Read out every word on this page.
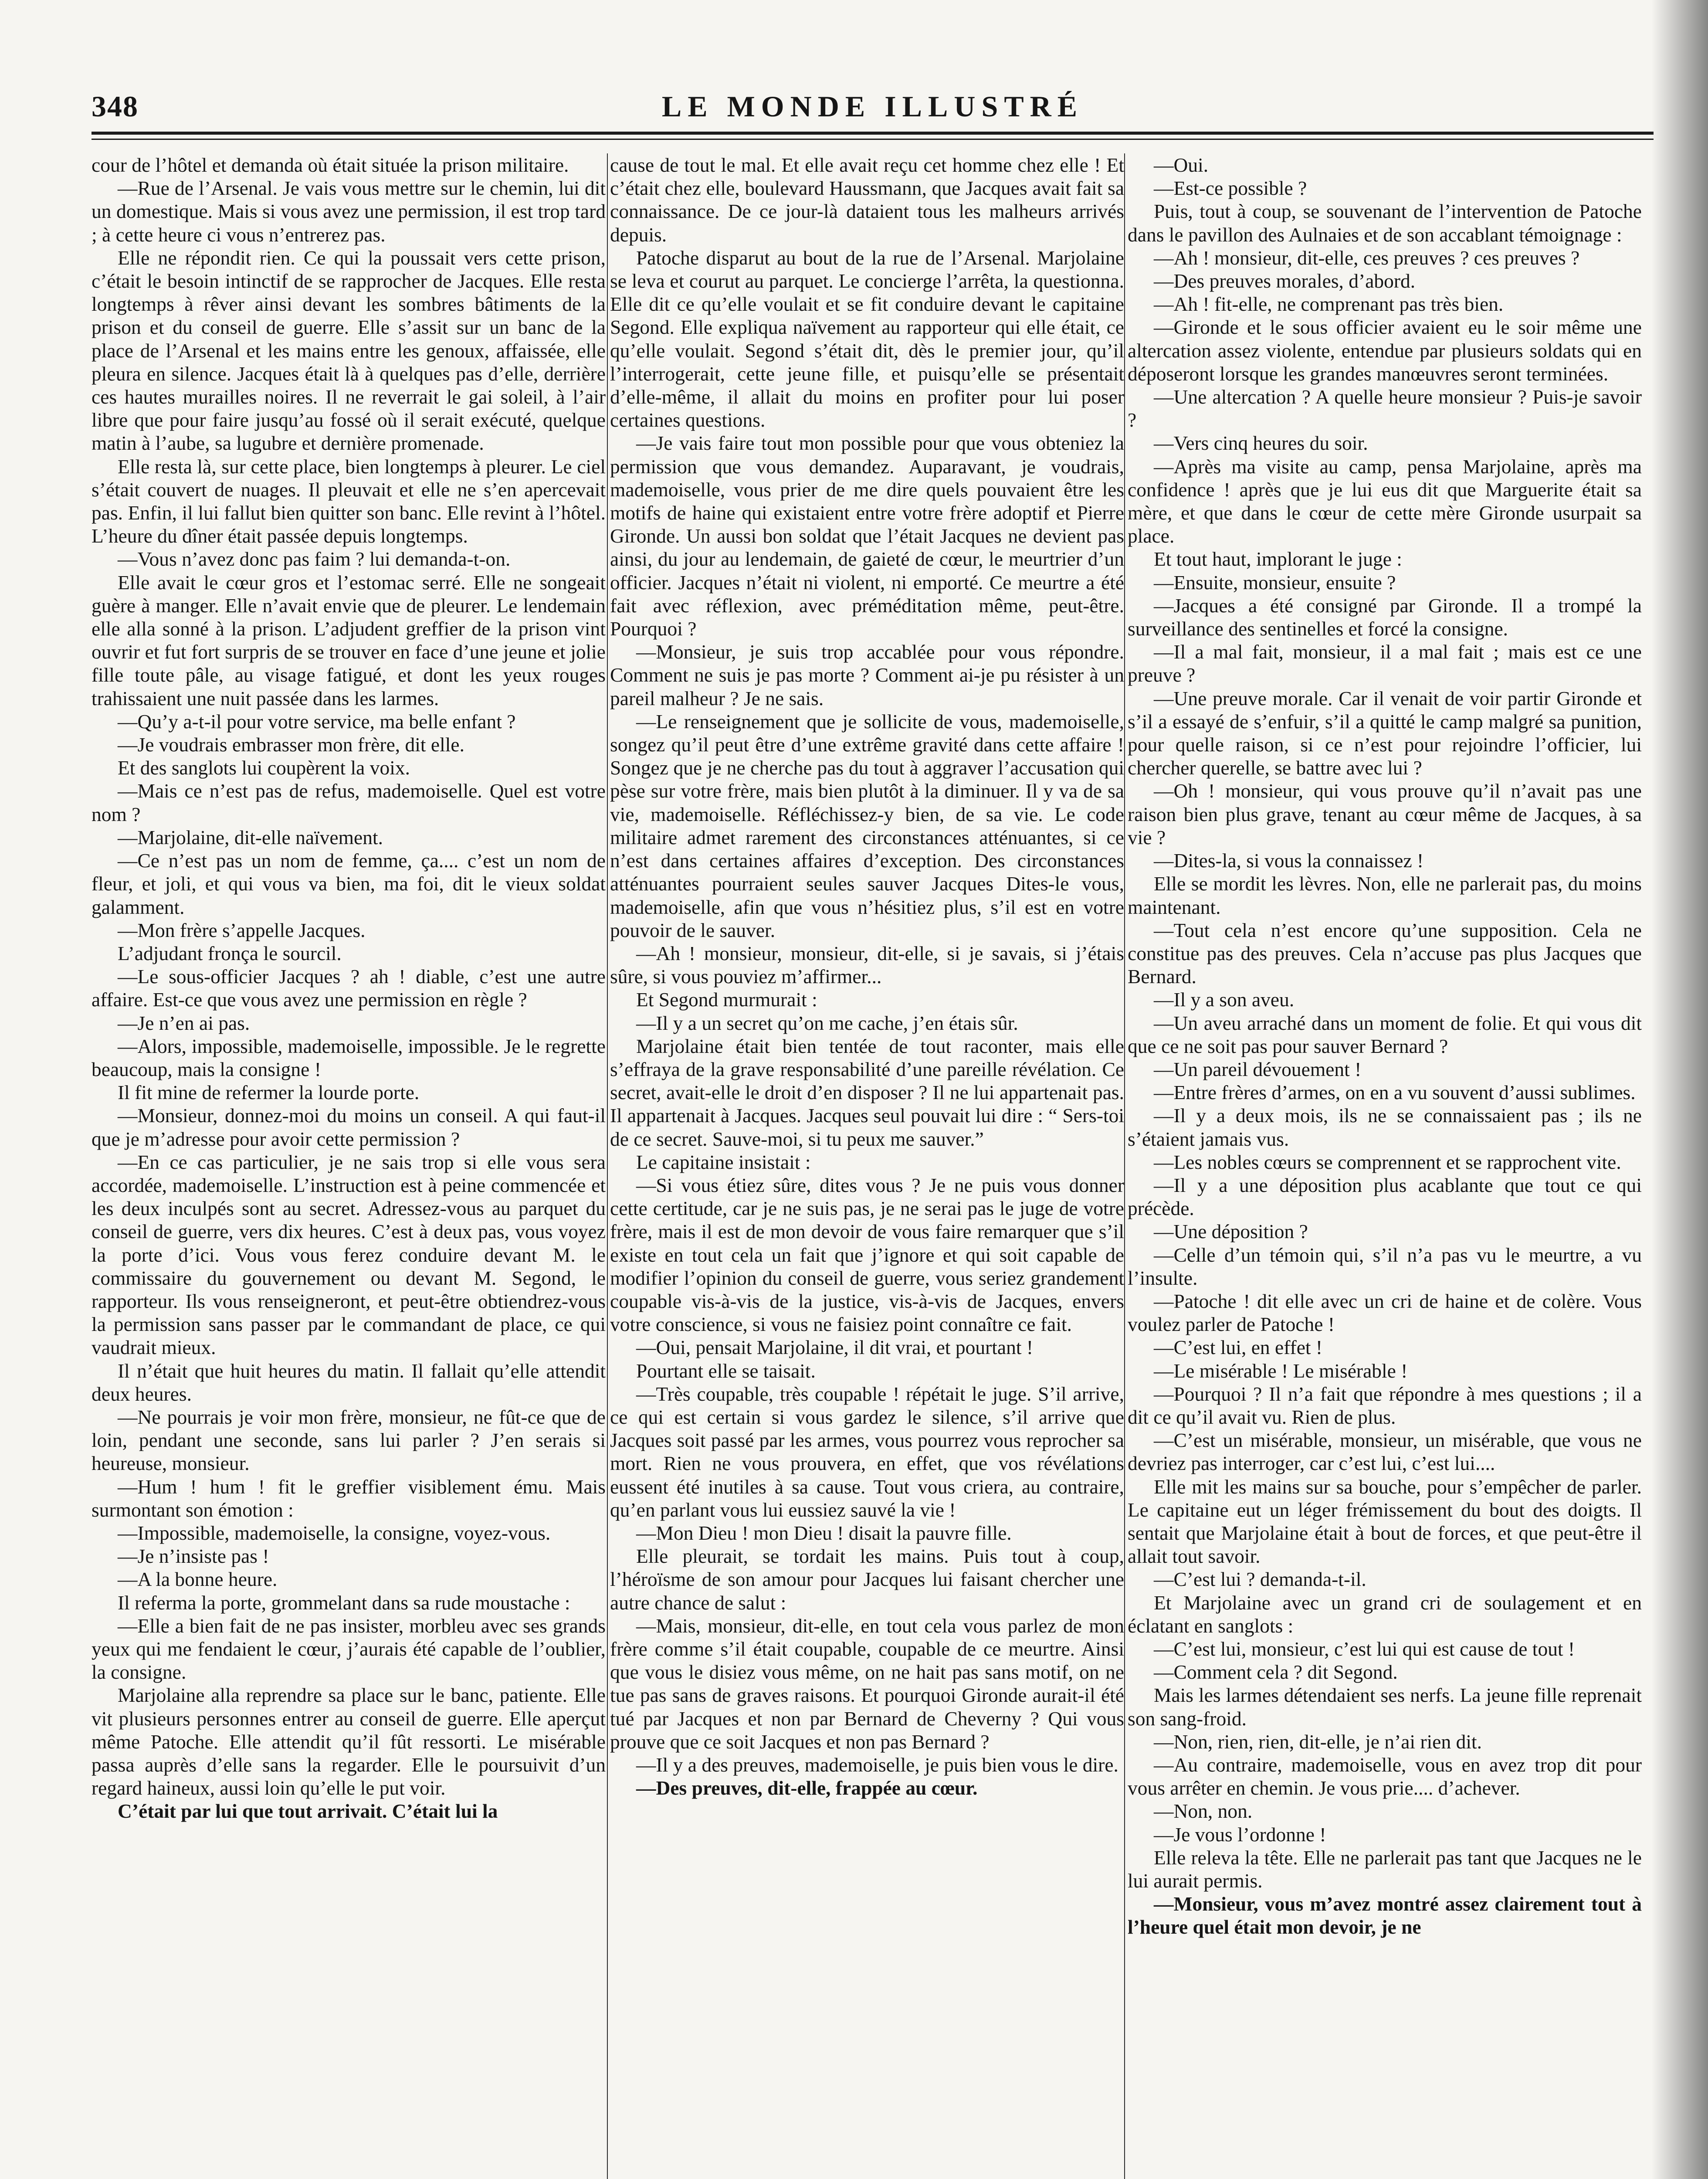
348	LE MONDE ILLUSTRÉ

cour de l’hôtel et demanda où était située la prison militaire.

—Rue de l’Arsenal. Je vais vous mettre sur le chemin, lui dit un domestique. Mais si vous avez une permission, il est trop tard ; à cette heure ci vous n’entrerez pas.

Elle ne répondit rien. Ce qui la poussait vers cette prison, c’était le besoin intinctif de se rapprocher de Jacques. Elle resta longtemps à rêver ainsi devant les sombres bâtiments de la prison et du conseil de guerre. Elle s’assit sur un banc de la place de l’Arsenal et les mains entre les genoux, affaissée, elle pleura en silence. Jacques était là à quelques pas d’elle, derrière ces hautes murailles noires. Il ne reverrait le gai soleil, à l’air libre que pour faire jusqu’au fossé où il serait exécuté, quelque matin à l’aube, sa lugubre et dernière promenade.

Elle resta là, sur cette place, bien longtemps à pleurer. Le ciel s’était couvert de nuages. Il pleuvait et elle ne s’en apercevait pas. Enfin, il lui fallut bien quitter son banc. Elle revint à l’hôtel. L’heure du dîner était passée depuis longtemps.

—Vous n’avez donc pas faim ? lui demanda-t-on.

Elle avait le cœur gros et l’estomac serré. Elle ne songeait guère à manger. Elle n’avait envie que de pleurer. Le lendemain elle alla sonné à la prison. L’adjudent greffier de la prison vint ouvrir et fut fort surpris de se trouver en face d’une jeune et jolie fille toute pâle, au visage fatigué, et dont les yeux rouges trahissaient une nuit passée dans les larmes.

—Qu’y a-t-il pour votre service, ma belle enfant ?

—Je voudrais embrasser mon frère, dit elle.

Et des sanglots lui coupèrent la voix.

—Mais ce n’est pas de refus, mademoiselle. Quel est votre nom ?

—Marjolaine, dit-elle naïvement.

—Ce n’est pas un nom de femme, ça.... c’est un nom de fleur, et joli, et qui vous va bien, ma foi, dit le vieux soldat galamment.

—Mon frère s’appelle Jacques.

L’adjudant fronça le sourcil.

—Le sous-officier Jacques ? ah ! diable, c’est une autre affaire. Est-ce que vous avez une permission en règle ?

—Je n’en ai pas.

—Alors, impossible, mademoiselle, impossible. Je le regrette beaucoup, mais la consigne !

Il fit mine de refermer la lourde porte.

—Monsieur, donnez-moi du moins un conseil. A qui faut-il que je m’adresse pour avoir cette permission ?

—En ce cas particulier, je ne sais trop si elle vous sera accordée, mademoiselle. L’instruction est à peine commencée et les deux inculpés sont au secret. Adressez-vous au parquet du conseil de guerre, vers dix heures. C’est à deux pas, vous voyez la porte d’ici. Vous vous ferez conduire devant M. le commissaire du gouvernement ou devant M. Segond, le rapporteur. Ils vous renseigneront, et peut-être obtiendrez-vous la permission sans passer par le commandant de place, ce qui vaudrait mieux.

Il n’était que huit heures du matin. Il fallait qu’elle attendit deux heures.

—Ne pourrais je voir mon frère, monsieur, ne fût-ce que de loin, pendant une seconde, sans lui parler ? J’en serais si heureuse, monsieur.

—Hum ! hum ! fit le greffier visiblement ému. Mais surmontant son émotion :

—Impossible, mademoiselle, la consigne, voyez-vous.

—Je n’insiste pas !

—A la bonne heure.

Il referma la porte, grommelant dans sa rude moustache :

—Elle a bien fait de ne pas insister, morbleu avec ses grands yeux qui me fendaient le cœur, j’aurais été capable de l’oublier, la consigne.

Marjolaine alla reprendre sa place sur le banc, patiente. Elle vit plusieurs personnes entrer au conseil de guerre. Elle aperçut même Patoche. Elle attendit qu’il fût ressorti. Le misérable passa auprès d’elle sans la regarder. Elle le poursuivit d’un regard haineux, aussi loin qu’elle le put voir.

C’était par lui que tout arrivait. C’était lui la

cause de tout le mal. Et elle avait reçu cet homme chez elle ! Et c’était chez elle, boulevard Haussmann, que Jacques avait fait sa connaissance. De ce jour-là dataient tous les malheurs arrivés depuis.

Patoche disparut au bout de la rue de l’Arsenal. Marjolaine se leva et courut au parquet. Le concierge l’arrêta, la questionna. Elle dit ce qu’elle voulait et se fit conduire devant le capitaine Segond. Elle expliqua naïvement au rapporteur qui elle était, ce qu’elle voulait. Segond s’était dit, dès le premier jour, qu’il l’interrogerait, cette jeune fille, et puisqu’elle se présentait d’elle-même, il allait du moins en profiter pour lui poser certaines questions.

—Je vais faire tout mon possible pour que vous obteniez la permission que vous demandez. Auparavant, je voudrais, mademoiselle, vous prier de me dire quels pouvaient être les motifs de haine qui existaient entre votre frère adoptif et Pierre Gironde. Un aussi bon soldat que l’était Jacques ne devient pas ainsi, du jour au lendemain, de gaieté de cœur, le meurtrier d’un officier. Jacques n’était ni violent, ni emporté. Ce meurtre a été fait avec réflexion, avec préméditation même, peut-être. Pourquoi ?

—Monsieur, je suis trop accablée pour vous répondre. Comment ne suis je pas morte ? Comment ai-je pu résister à un pareil malheur ? Je ne sais.

—Le renseignement que je sollicite de vous, mademoiselle, songez qu’il peut être d’une extrême gravité dans cette affaire ! Songez que je ne cherche pas du tout à aggraver l’accusation qui pèse sur votre frère, mais bien plutôt à la diminuer. Il y va de sa vie, mademoiselle. Réfléchissez-y bien, de sa vie. Le code militaire admet rarement des circonstances atténuantes, si ce n’est dans certaines affaires d’exception. Des circonstances atténuantes pourraient seules sauver Jacques Dites-le vous, mademoiselle, afin que vous n’hésitiez plus, s’il est en votre pouvoir de le sauver.

—Ah ! monsieur, monsieur, dit-elle, si je savais, si j’étais sûre, si vous pouviez m’affirmer...

Et Segond murmurait :

—Il y a un secret qu’on me cache, j’en étais sûr.

Marjolaine était bien tentée de tout raconter, mais elle s’effraya de la grave responsabilité d’une pareille révélation. Ce secret, avait-elle le droit d’en disposer ? Il ne lui appartenait pas. Il appartenait à Jacques. Jacques seul pouvait lui dire : “ Sers-toi de ce secret. Sauve-moi, si tu peux me sauver.”

Le capitaine insistait :

—Si vous étiez sûre, dites vous ? Je ne puis vous donner cette certitude, car je ne suis pas, je ne serai pas le juge de votre frère, mais il est de mon devoir de vous faire remarquer que s’il existe en tout cela un fait que j’ignore et qui soit capable de modifier l’opinion du conseil de guerre, vous seriez grandement coupable vis-à-vis de la justice, vis-à-vis de Jacques, envers votre conscience, si vous ne faisiez point connaître ce fait.

—Oui, pensait Marjolaine, il dit vrai, et pourtant !

Pourtant elle se taisait.

—Très coupable, très coupable ! répétait le juge. S’il arrive, ce qui est certain si vous gardez le silence, s’il arrive que Jacques soit passé par les armes, vous pourrez vous reprocher sa mort. Rien ne vous prouvera, en effet, que vos révélations eussent été inutiles à sa cause. Tout vous criera, au contraire, qu’en parlant vous lui eussiez sauvé la vie !

—Mon Dieu ! mon Dieu ! disait la pauvre fille.

Elle pleurait, se tordait les mains. Puis tout à coup, l’héroïsme de son amour pour Jacques lui faisant chercher une autre chance de salut :

—Mais, monsieur, dit-elle, en tout cela vous parlez de mon frère comme s’il était coupable, coupable de ce meurtre. Ainsi que vous le disiez vous même, on ne hait pas sans motif, on ne tue pas sans de graves raisons. Et pourquoi Gironde aurait-il été tué par Jacques et non par Bernard de Cheverny ? Qui vous prouve que ce soit Jacques et non pas Bernard ?

—Il y a des preuves, mademoiselle, je puis bien vous le dire.

—Des preuves, dit-elle, frappée au cœur.

—Oui.

—Est-ce possible ?

Puis, tout à coup, se souvenant de l’intervention de Patoche dans le pavillon des Aulnaies et de son accablant témoignage :

—Ah ! monsieur, dit-elle, ces preuves ? ces preuves ?

—Des preuves morales, d’abord.

—Ah ! fit-elle, ne comprenant pas très bien.

—Gironde et le sous officier avaient eu le soir même une altercation assez violente, entendue par plusieurs soldats qui en déposeront lorsque les grandes manœuvres seront terminées.

—Une altercation ? A quelle heure monsieur ? Puis-je savoir ?

—Vers cinq heures du soir.

—Après ma visite au camp, pensa Marjolaine, après ma confidence ! après que je lui eus dit que Marguerite était sa mère, et que dans le cœur de cette mère Gironde usurpait sa place.

Et tout haut, implorant le juge :

—Ensuite, monsieur, ensuite ?

—Jacques a été consigné par Gironde. Il a trompé la surveillance des sentinelles et forcé la consigne.

—Il a mal fait, monsieur, il a mal fait ; mais est ce une preuve ?

—Une preuve morale. Car il venait de voir partir Gironde et s’il a essayé de s’enfuir, s’il a quitté le camp malgré sa punition, pour quelle raison, si ce n’est pour rejoindre l’officier, lui chercher querelle, se battre avec lui ?

—Oh ! monsieur, qui vous prouve qu’il n’avait pas une raison bien plus grave, tenant au cœur même de Jacques, à sa vie ?

—Dites-la, si vous la connaissez !

Elle se mordit les lèvres. Non, elle ne parlerait pas, du moins maintenant.

—Tout cela n’est encore qu’une supposition. Cela ne constitue pas des preuves. Cela n’accuse pas plus Jacques que Bernard.

—Il y a son aveu.

—Un aveu arraché dans un moment de folie. Et qui vous dit que ce ne soit pas pour sauver Bernard ?

—Un pareil dévouement !

—Entre frères d’armes, on en a vu souvent d’aussi sublimes.

—Il y a deux mois, ils ne se connaissaient pas ; ils ne s’étaient jamais vus.

—Les nobles cœurs se comprennent et se rapprochent vite.

—Il y a une déposition plus acablante que tout ce qui précède.

—Une déposition ?

—Celle d’un témoin qui, s’il n’a pas vu le meurtre, a vu l’insulte.

—Patoche ! dit elle avec un cri de haine et de colère. Vous voulez parler de Patoche !

—C’est lui, en effet !

—Le misérable ! Le misérable !

—Pourquoi ? Il n’a fait que répondre à mes questions ; il a dit ce qu’il avait vu. Rien de plus.

—C’est un misérable, monsieur, un misérable, que vous ne devriez pas interroger, car c’est lui, c’est lui....

Elle mit les mains sur sa bouche, pour s’empêcher de parler. Le capitaine eut un léger frémissement du bout des doigts. Il sentait que Marjolaine était à bout de forces, et que peut-être il allait tout savoir.

—C’est lui ? demanda-t-il.

Et Marjolaine avec un grand cri de soulagement et en éclatant en sanglots :

—C’est lui, monsieur, c’est lui qui est cause de tout !

—Comment cela ? dit Segond.

Mais les larmes détendaient ses nerfs. La jeune fille reprenait son sang-froid.

—Non, rien, rien, dit-elle, je n’ai rien dit.

—Au contraire, mademoiselle, vous en avez trop dit pour vous arrêter en chemin. Je vous prie.... d’achever.

—Non, non.

—Je vous l’ordonne !

Elle releva la tête. Elle ne parlerait pas tant que Jacques ne le lui aurait permis.

—Monsieur, vous m’avez montré assez clairement tout à l’heure quel était mon devoir, je ne
